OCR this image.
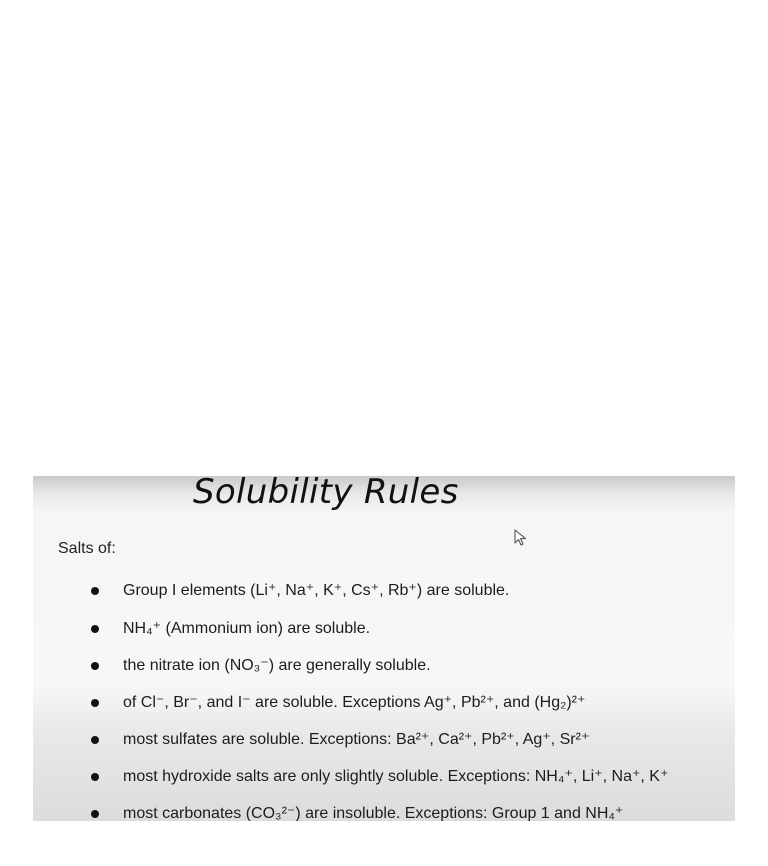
Solubility Rules
Salts of:
Group I elements (Li⁺, Na⁺, K⁺, Cs⁺, Rb⁺) are soluble.
NH₄⁺ (Ammonium ion) are soluble.
the nitrate ion (NO₃⁻) are generally soluble.
of Cl⁻, Br⁻, and I⁻ are soluble. Exceptions Ag⁺, Pb²⁺, and (Hg₂)²⁺
most sulfates are soluble. Exceptions: Ba²⁺, Ca²⁺, Pb²⁺, Ag⁺, Sr²⁺
most hydroxide salts are only slightly soluble. Exceptions: NH₄⁺, Li⁺, Na⁺, K⁺
most carbonates (CO₃²⁻) are insoluble. Exceptions: Group 1 and NH₄⁺
